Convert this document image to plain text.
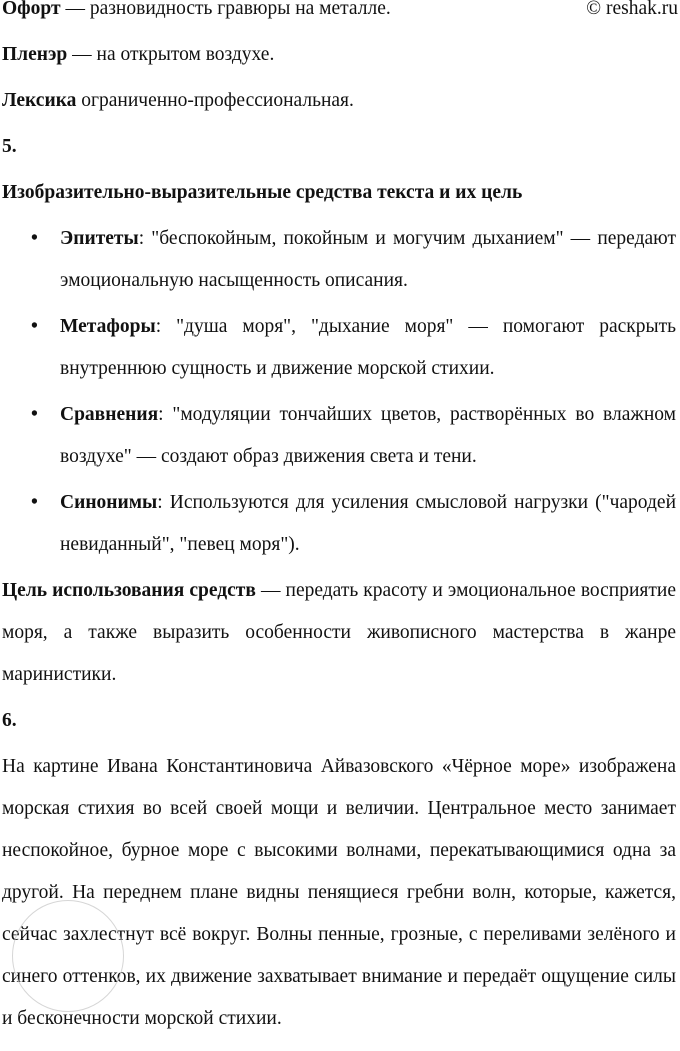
Офорт — разновидность гравюры на металле.	© reshak.ru

Пленэр — на открытом воздухе.

Лексика ограниченно-профессиональная.

5.

Изобразительно-выразительные средства текста и их цель

• Эпитеты: "беспокойным, покойным и могучим дыханием" — передают эмоциональную насыщенность описания.
• Метафоры: "душа моря", "дыхание моря" — помогают раскрыть внутреннюю сущность и движение морской стихии.
• Сравнения: "модуляции тончайших цветов, растворённых во влажном воздухе" — создают образ движения света и тени.
• Синонимы: Используются для усиления смысловой нагрузки ("чародей невиданный", "певец моря").

Цель использования средств — передать красоту и эмоциональное восприятие моря, а также выразить особенности живописного мастерства в жанре маринистики.

6.

На картине Ивана Константиновича Айвазовского «Чёрное море» изображена морская стихия во всей своей мощи и величии. Центральное место занимает неспокойное, бурное море с высокими волнами, перекатывающимися одна за другой. На переднем плане видны пенящиеся гребни волн, которые, кажется, сейчас захлестнут всё вокруг. Волны пенные, грозные, с переливами зелёного и синего оттенков, их движение захватывает внимание и передаёт ощущение силы и бесконечности морской стихии.
